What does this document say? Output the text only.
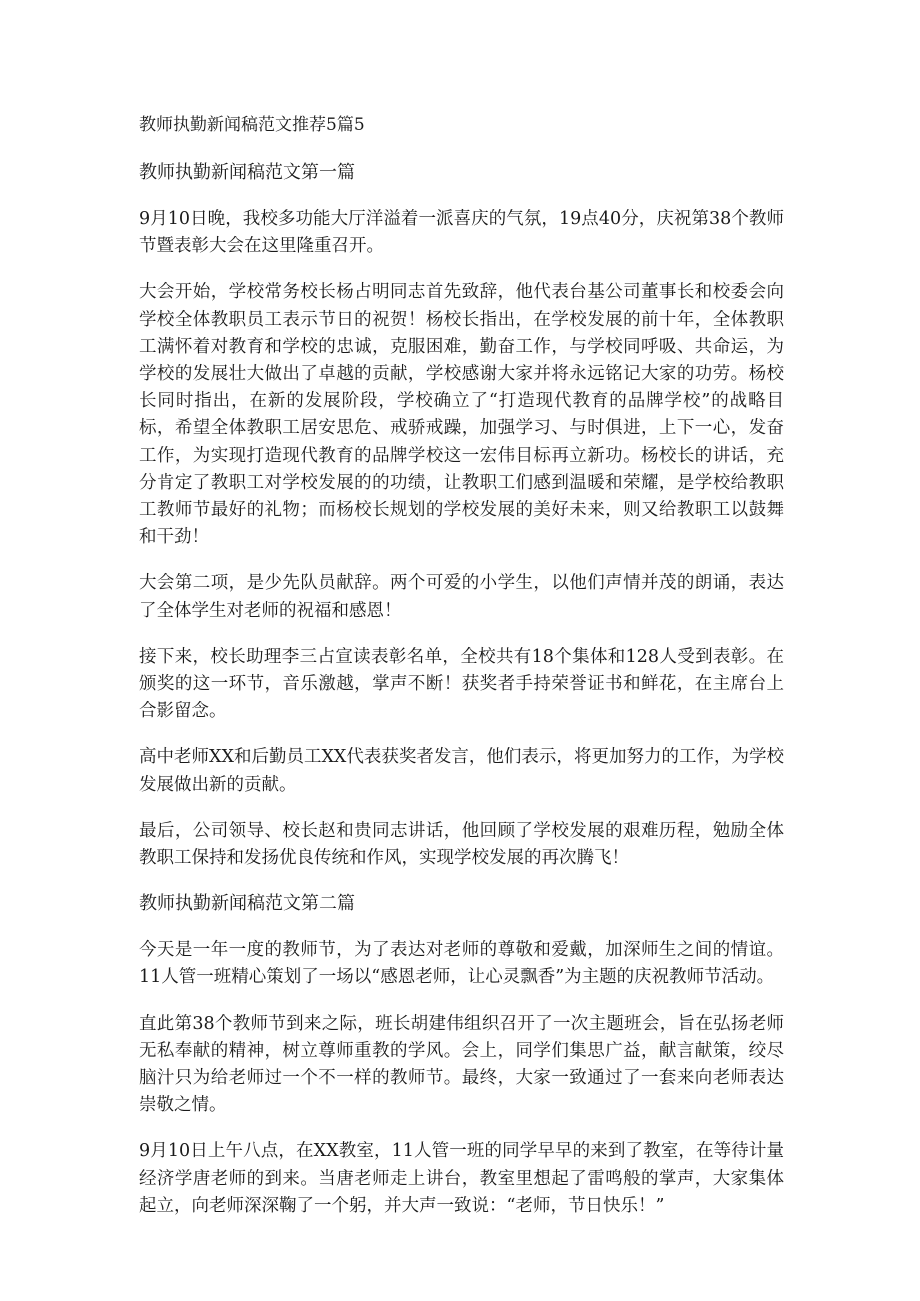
教师执勤新闻稿范文推荐5篇5
教师执勤新闻稿范文第一篇

9月10日晚，我校多功能大厅洋溢着一派喜庆的气氛，19点40分，庆祝第38个教师节暨表彰大会在这里隆重召开。

大会开始，学校常务校长杨占明同志首先致辞，他代表台基公司董事长和校委会向学校全体教职员工表示节日的祝贺！杨校长指出，在学校发展的前十年，全体教职工满怀着对教育和学校的忠诚，克服困难，勤奋工作，与学校同呼吸、共命运，为学校的发展壮大做出了卓越的贡献，学校感谢大家并将永远铭记大家的功劳。杨校长同时指出，在新的发展阶段，学校确立了“打造现代教育的品牌学校”的战略目标，希望全体教职工居安思危、戒骄戒躁，加强学习、与时俱进，上下一心，发奋工作，为实现打造现代教育的品牌学校这一宏伟目标再立新功。杨校长的讲话，充分肯定了教职工对学校发展的的功绩，让教职工们感到温暖和荣耀，是学校给教职工教师节最好的礼物；而杨校长规划的学校发展的美好未来，则又给教职工以鼓舞和干劲！

大会第二项，是少先队员献辞。两个可爱的小学生，以他们声情并茂的朗诵，表达了全体学生对老师的祝福和感恩！

接下来，校长助理李三占宣读表彰名单，全校共有18个集体和128人受到表彰。在颁奖的这一环节，音乐激越，掌声不断！获奖者手持荣誉证书和鲜花，在主席台上合影留念。

高中老师XX和后勤员工XX代表获奖者发言，他们表示，将更加努力的工作，为学校发展做出新的贡献。

最后，公司领导、校长赵和贵同志讲话，他回顾了学校发展的艰难历程，勉励全体教职工保持和发扬优良传统和作风，实现学校发展的再次腾飞！

教师执勤新闻稿范文第二篇

今天是一年一度的教师节，为了表达对老师的尊敬和爱戴，加深师生之间的情谊。11人管一班精心策划了一场以“感恩老师，让心灵飘香”为主题的庆祝教师节活动。

直此第38个教师节到来之际，班长胡建伟组织召开了一次主题班会，旨在弘扬老师无私奉献的精神，树立尊师重教的学风。会上，同学们集思广益，献言献策，绞尽脑汁只为给老师过一个不一样的教师节。最终，大家一致通过了一套来向老师表达崇敬之情。

9月10日上午八点，在XX教室，11人管一班的同学早早的来到了教室，在等待计量经济学唐老师的到来。当唐老师走上讲台，教室里想起了雷鸣般的掌声，大家集体起立，向老师深深鞠了一个躬，并大声一致说：“老师，节日快乐！”
